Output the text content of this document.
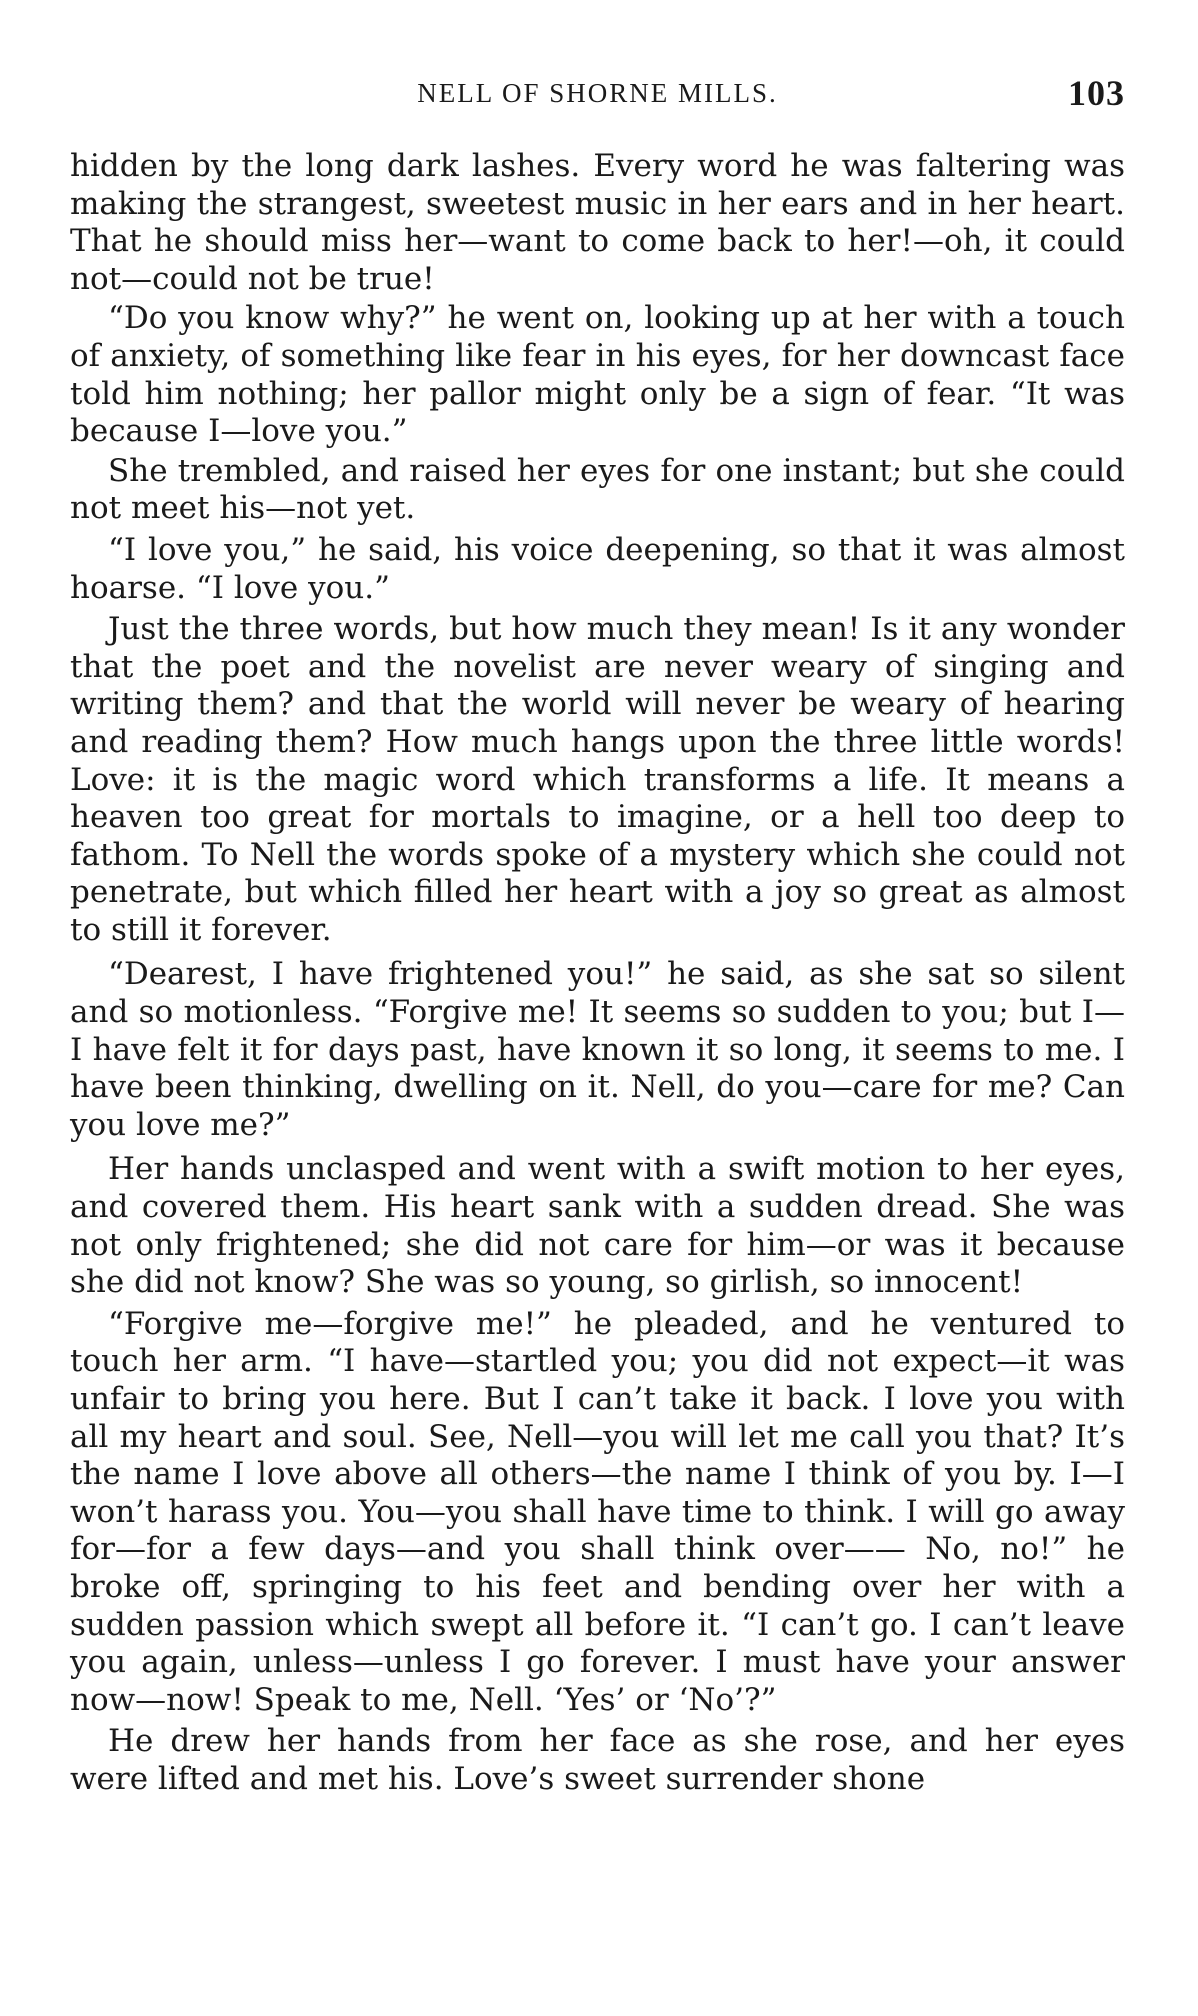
NELL OF SHORNE MILLS.	103

hidden by the long dark lashes. Every word he was faltering was making the strangest, sweetest music in her ears and in her heart. That he should miss her—want to come back to her!—oh, it could not—could not be true!

“Do you know why?” he went on, looking up at her with a touch of anxiety, of something like fear in his eyes, for her downcast face told him nothing; her pallor might only be a sign of fear. “It was because I—love you.”

She trembled, and raised her eyes for one instant; but she could not meet his—not yet.

“I love you,” he said, his voice deepening, so that it was almost hoarse. “I love you.”

Just the three words, but how much they mean! Is it any wonder that the poet and the novelist are never weary of singing and writing them? and that the world will never be weary of hearing and reading them? How much hangs upon the three little words! Love: it is the magic word which transforms a life. It means a heaven too great for mortals to imagine, or a hell too deep to fathom. To Nell the words spoke of a mystery which she could not penetrate, but which filled her heart with a joy so great as almost to still it forever.

“Dearest, I have frightened you!” he said, as she sat so silent and so motionless. “Forgive me! It seems so sudden to you; but I—I have felt it for days past, have known it so long, it seems to me. I have been thinking, dwelling on it. Nell, do you—care for me? Can you love me?”

Her hands unclasped and went with a swift motion to her eyes, and covered them. His heart sank with a sudden dread. She was not only frightened; she did not care for him—or was it because she did not know? She was so young, so girlish, so innocent!

“Forgive me—forgive me!” he pleaded, and he ventured to touch her arm. “I have—startled you; you did not expect—it was unfair to bring you here. But I can’t take it back. I love you with all my heart and soul. See, Nell—you will let me call you that? It’s the name I love above all others—the name I think of you by. I—I won’t harass you. You—you shall have time to think. I will go away for—for a few days—and you shall think over—— No, no!” he broke off, springing to his feet and bending over her with a sudden passion which swept all before it. “I can’t go. I can’t leave you again, unless—unless I go forever. I must have your answer now—now! Speak to me, Nell. ‘Yes’ or ‘No’?”

He drew her hands from her face as she rose, and her eyes were lifted and met his. Love’s sweet surrender shone
